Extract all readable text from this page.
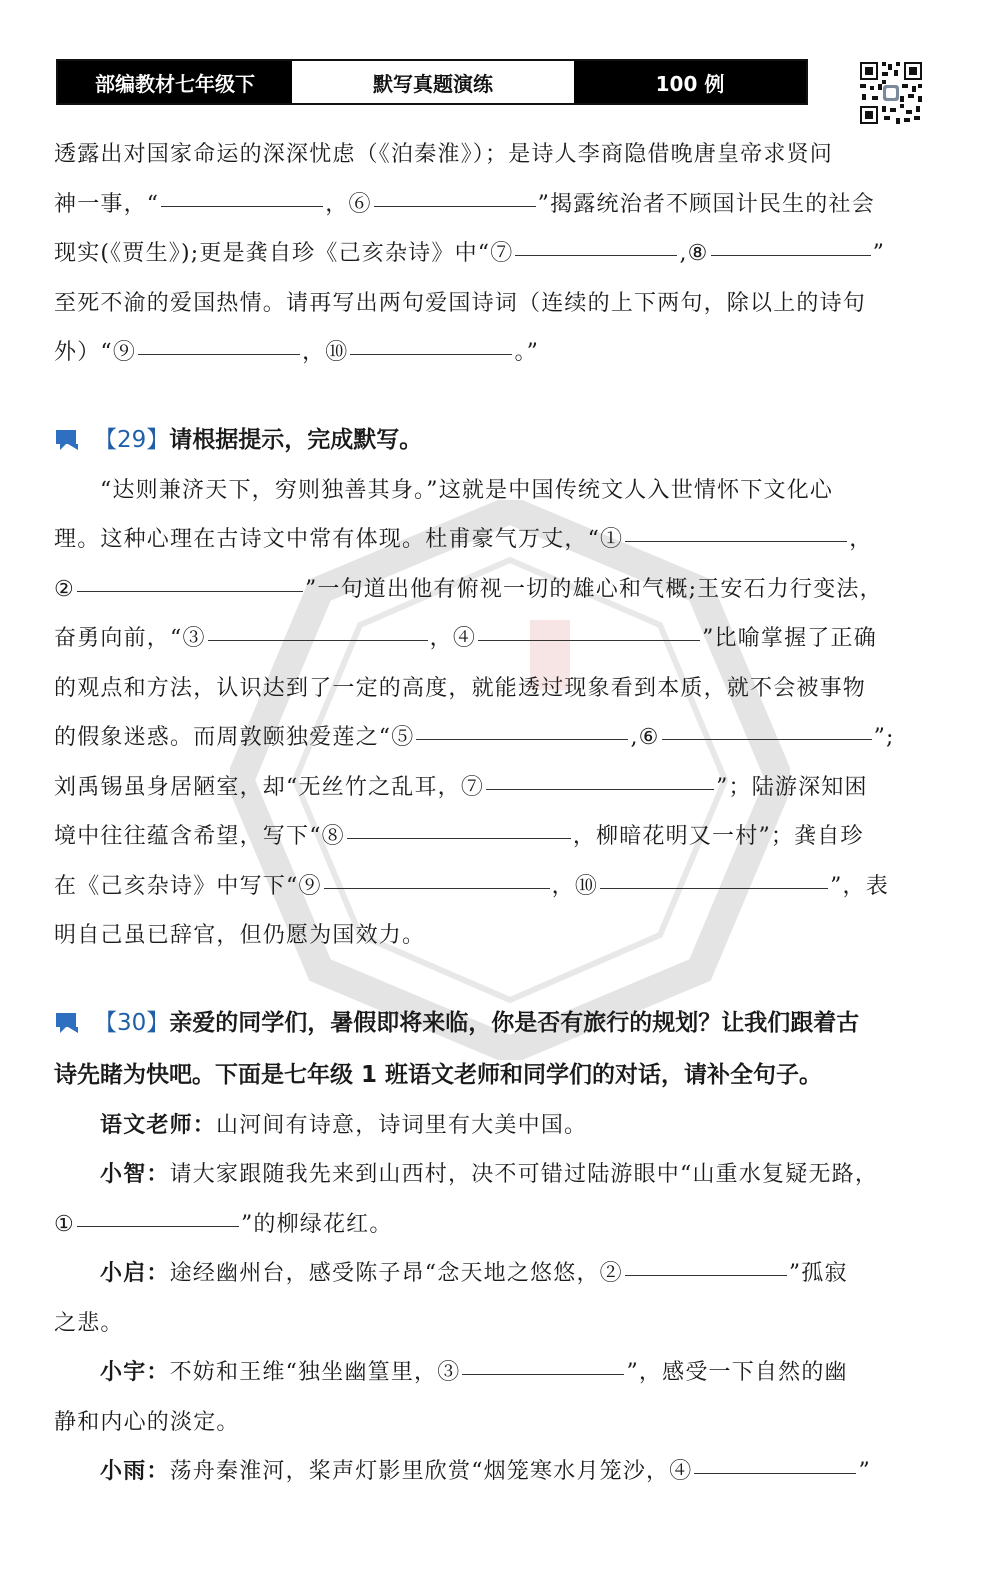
部编教材七年级下	默写真题演练	100 例
透露出对国家命运的深深忧虑（《泊秦淮》）；是诗人李商隐借晚唐皇帝求贤问
神一事，“	，⑥	”揭露统治者不顾国计民生的社会
现实(《贾生》);更是龚自珍《己亥杂诗》中“⑦	,⑧	”
至死不渝的爱国热情。请再写出两句爱国诗词（连续的上下两句，除以上的诗句
外）“⑨	，⑩	。”
【29】 请根据提示，完成默写。
“达则兼济天下，穷则独善其身。”这就是中国传统文人入世情怀下文化心
理。这种心理在古诗文中常有体现。杜甫豪气万丈，“①	，
②	”一句道出他有俯视一切的雄心和气概;王安石力行变法，
奋勇向前，“③	，④	”比喻掌握了正确
的观点和方法，认识达到了一定的高度，就能透过现象看到本质，就不会被事物
的假象迷惑。而周敦颐独爱莲之“⑤	,⑥	”;
刘禹锡虽身居陋室，却“无丝竹之乱耳，⑦	”；陆游深知困
境中往往蕴含希望，写下“⑧	，柳暗花明又一村”；龚自珍
在《己亥杂诗》中写下“⑨	，⑩	”，表
明自己虽已辞官，但仍愿为国效力。
【30】 亲爱的同学们，暑假即将来临，你是否有旅行的规划？让我们跟着古
诗先睹为快吧。下面是七年级 1 班语文老师和同学们的对话，请补全句子。
语文老师：山河间有诗意，诗词里有大美中国。
小智：请大家跟随我先来到山西村，决不可错过陆游眼中“山重水复疑无路，
①	”的柳绿花红。
小启：途经幽州台，感受陈子昂“念天地之悠悠，②	”孤寂
之悲。
小宇：不妨和王维“独坐幽篁里，③	”，感受一下自然的幽
静和内心的淡定。
小雨：荡舟秦淮河，桨声灯影里欣赏“烟笼寒水月笼沙，④	”
